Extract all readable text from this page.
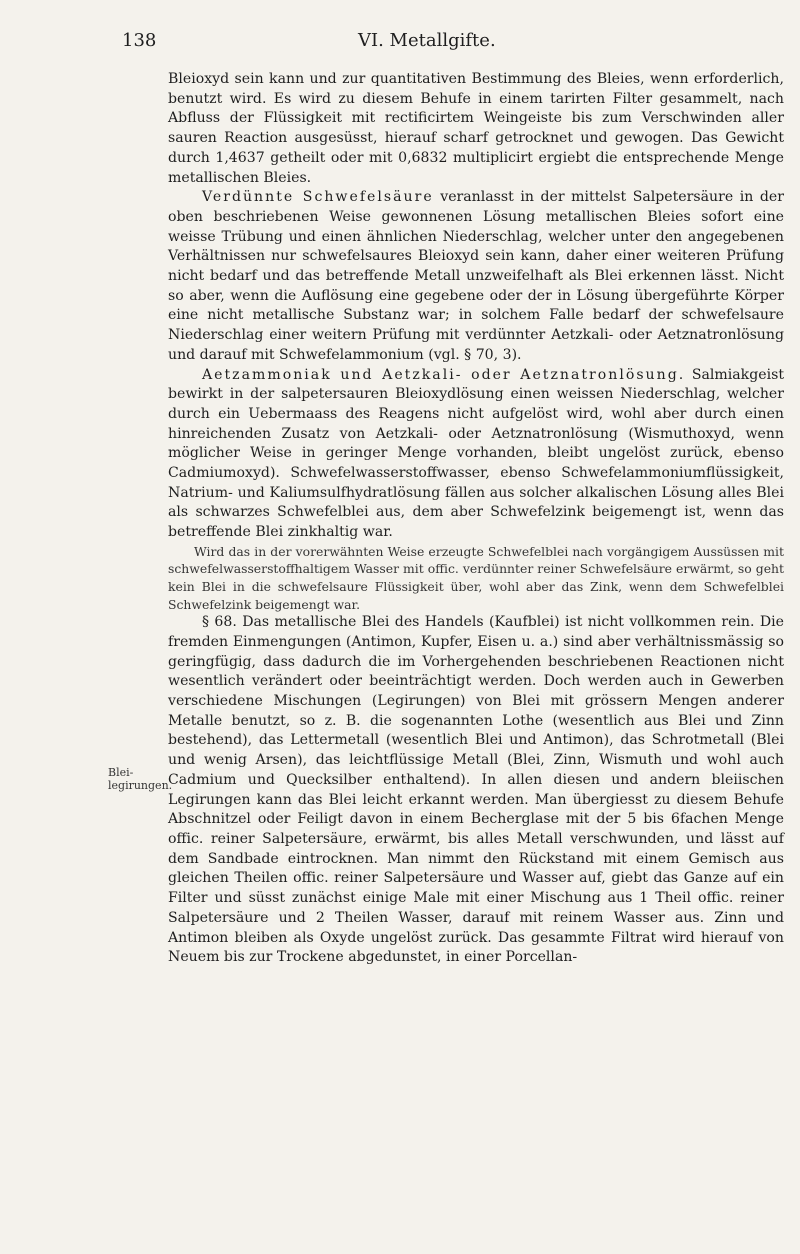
138	VI. Metallgifte.
Blei-legirungen.

Bleioxyd sein kann und zur quantitativen Bestimmung des Bleies, wenn erforderlich, benutzt wird. Es wird zu diesem Behufe in einem tarirten Filter gesammelt, nach Abfluss der Flüssigkeit mit rectificirtem Weingeiste bis zum Verschwinden aller sauren Reaction ausgesüsst, hierauf scharf getrocknet und gewogen. Das Gewicht durch 1,4637 getheilt oder mit 0,6832 multiplicirt ergiebt die entsprechende Menge metallischen Bleies.

Verdünnte Schwefelsäure veranlasst in der mittelst Salpetersäure in der oben beschriebenen Weise gewonnenen Lösung metallischen Bleies sofort eine weisse Trübung und einen ähnlichen Niederschlag, welcher unter den angegebenen Verhältnissen nur schwefelsaures Bleioxyd sein kann, daher einer weiteren Prüfung nicht bedarf und das betreffende Metall unzweifelhaft als Blei erkennen lässt. Nicht so aber, wenn die Auflösung eine gegebene oder der in Lösung übergeführte Körper eine nicht metallische Substanz war; in solchem Falle bedarf der schwefelsaure Niederschlag einer weitern Prüfung mit verdünnter Aetzkali- oder Aetznatronlösung und darauf mit Schwefelammonium (vgl. § 70, 3).

Aetzammoniak und Aetzkali- oder Aetznatronlösung. Salmiakgeist bewirkt in der salpetersauren Bleioxydlösung einen weissen Niederschlag, welcher durch ein Uebermaass des Reagens nicht aufgelöst wird, wohl aber durch einen hinreichenden Zusatz von Aetzkali- oder Aetznatronlösung (Wismuthoxyd, wenn möglicher Weise in geringer Menge vorhanden, bleibt ungelöst zurück, ebenso Cadmiumoxyd). Schwefelwasserstoffwasser, ebenso Schwefelammoniumflüssigkeit, Natrium- und Kaliumsulfhydratlösung fällen aus solcher alkalischen Lösung alles Blei als schwarzes Schwefelblei aus, dem aber Schwefelzink beigemengt ist, wenn das betreffende Blei zinkhaltig war.

Wird das in der vorerwähnten Weise erzeugte Schwefelblei nach vorgängigem Aussüssen mit schwefelwasserstoffhaltigem Wasser mit offic. verdünnter reiner Schwefelsäure erwärmt, so geht kein Blei in die schwefelsaure Flüssigkeit über, wohl aber das Zink, wenn dem Schwefelblei Schwefelzink beigemengt war.

§ 68. Das metallische Blei des Handels (Kaufblei) ist nicht vollkommen rein. Die fremden Einmengungen (Antimon, Kupfer, Eisen u. a.) sind aber verhältnissmässig so geringfügig, dass dadurch die im Vorhergehenden beschriebenen Reactionen nicht wesentlich verändert oder beeinträchtigt werden. Doch werden auch in Gewerben verschiedene Mischungen (Legirungen) von Blei mit grössern Mengen anderer Metalle benutzt, so z. B. die sogenannten Lothe (wesentlich aus Blei und Zinn bestehend), das Lettermetall (wesentlich Blei und Antimon), das Schrotmetall (Blei und wenig Arsen), das leichtflüssige Metall (Blei, Zinn, Wismuth und wohl auch Cadmium und Quecksilber enthaltend). In allen diesen und andern bleiischen Legirungen kann das Blei leicht erkannt werden. Man übergiesst zu diesem Behufe Abschnitzel oder Feiligt davon in einem Becherglase mit der 5 bis 6fachen Menge offic. reiner Salpetersäure, erwärmt, bis alles Metall verschwunden, und lässt auf dem Sandbade eintrocknen. Man nimmt den Rückstand mit einem Gemisch aus gleichen Theilen offic. reiner Salpetersäure und Wasser auf, giebt das Ganze auf ein Filter und süsst zunächst einige Male mit einer Mischung aus 1 Theil offic. reiner Salpetersäure und 2 Theilen Wasser, darauf mit reinem Wasser aus. Zinn und Antimon bleiben als Oxyde ungelöst zurück. Das gesammte Filtrat wird hierauf von Neuem bis zur Trockene abgedunstet, in einer Porcellan-
